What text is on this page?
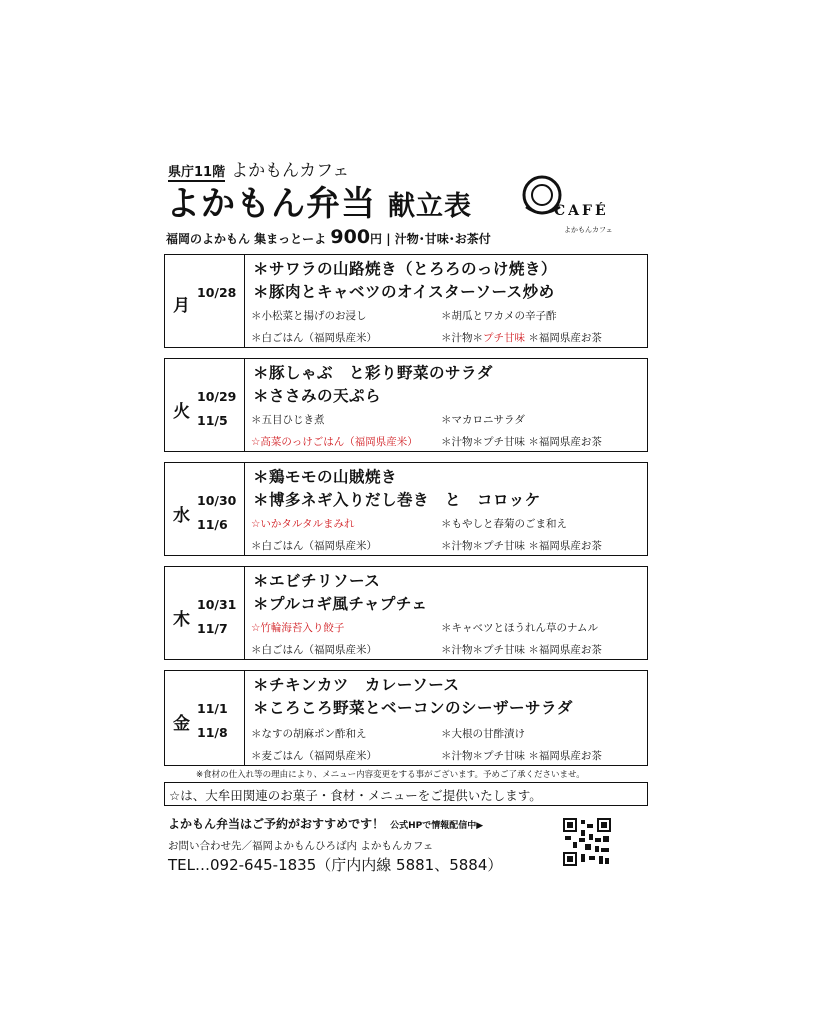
県庁11階 よかもんカフェ
よかもん弁当 献立表	CAFÉ
よかもんカフェ
福岡のよかもん 集まっとーよ 900円 | 汁物･甘味･お茶付
月
10/28
＊サワラの山路焼き（とろろのっけ焼き）
＊豚肉とキャベツのオイスターソース炒め
＊小松菜と揚げのお浸し	＊胡瓜とワカメの辛子酢
＊白ごはん（福岡県産米）	＊汁物＊プチ甘味 ＊福岡県産お茶
火
10/29
11/5
＊豚しゃぶ　と彩り野菜のサラダ
＊ささみの天ぷら
＊五目ひじき煮	＊マカロニサラダ
☆高菜のっけごはん（福岡県産米） ＊汁物＊プチ甘味 ＊福岡県産お茶
水
10/30
11/6
＊鶏モモの山賊焼き
＊博多ネギ入りだし巻き　と　コロッケ
☆いかタルタルまみれ	＊もやしと春菊のごま和え
＊白ごはん（福岡県産米）	＊汁物＊プチ甘味 ＊福岡県産お茶
木
10/31
11/7
＊エビチリソース
＊プルコギ風チャプチェ
☆竹輪海苔入り餃子	＊キャベツとほうれん草のナムル
＊白ごはん（福岡県産米）	＊汁物＊プチ甘味 ＊福岡県産お茶
金
11/1
11/8
＊チキンカツ　カレーソース
＊ころころ野菜とベーコンのシーザーサラダ
＊なすの胡麻ポン酢和え	＊大根の甘酢漬け
＊麦ごはん（福岡県産米）	＊汁物＊プチ甘味 ＊福岡県産お茶
※食材の仕入れ等の理由により、メニュー内容変更をする事がございます。予めご了承くださいませ。
☆は、大牟田関連のお菓子・食材・メニューをご提供いたします。
よかもん弁当はご予約がおすすめです！ 公式HPで情報配信中▶
お問い合わせ先／福岡よかもんひろば内 よかもんカフェ
TEL…092-645-1835（庁内内線 5881、5884）
